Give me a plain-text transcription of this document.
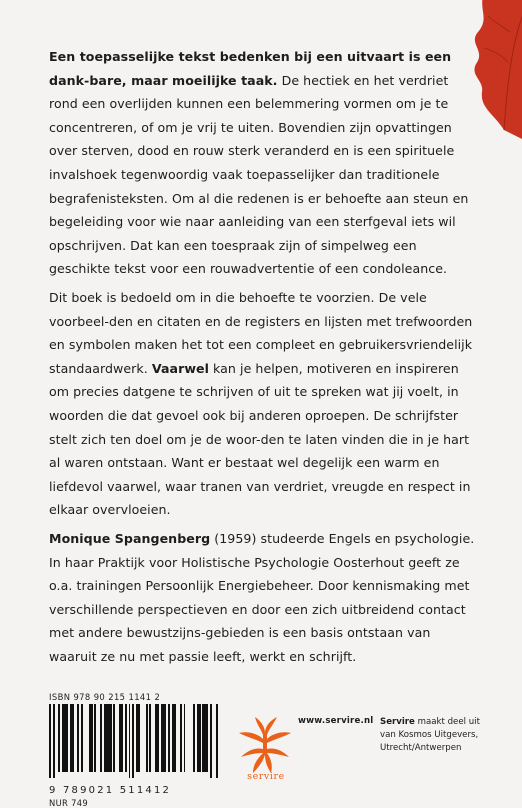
Een toepasselijke tekst bedenken bij een uitvaart is een dank-bare, maar moeilijke taak. De hectiek en het verdriet rond een overlijden kunnen een belemmering vormen om je te concentreren, of om je vrij te uiten. Bovendien zijn opvattingen over sterven, dood en rouw sterk veranderd en is een spirituele invalshoek tegenwoordig vaak toepasselijker dan traditionele begrafenisteksten. Om al die redenen is er behoefte aan steun en begeleiding voor wie naar aanleiding van een sterfgeval iets wil opschrijven. Dat kan een toespraak zijn of simpelweg een geschikte tekst voor een rouwadvertentie of een condoleance.
Dit boek is bedoeld om in die behoefte te voorzien. De vele voorbeel-den en citaten en de registers en lijsten met trefwoorden en symbolen maken het tot een compleet en gebruikersvriendelijk standaardwerk. Vaarwel kan je helpen, motiveren en inspireren om precies datgene te schrijven of uit te spreken wat jij voelt, in woorden die dat gevoel ook bij anderen oproepen. De schrijfster stelt zich ten doel om je de woor-den te laten vinden die in je hart al waren ontstaan. Want er bestaat wel degelijk een warm en liefdevol vaarwel, waar tranen van verdriet, vreugde en respect in elkaar overvloeien.
Monique Spangenberg (1959) studeerde Engels en psychologie. In haar Praktijk voor Holistische Psychologie Oosterhout geeft ze o.a. trainingen Persoonlijk Energiebeheer. Door kennismaking met verschillende perspectieven en door een zich uitbreidend contact met andere bewustzijns-gebieden is een basis ontstaan van waaruit ze nu met passie leeft, werkt en schrijft.
ISBN 978 90 215 1141 2
9 789021 511412
NUR 749
servire
www.servire.nl Servire maakt deel uit
van Kosmos Uitgevers,
Utrecht/Antwerpen
